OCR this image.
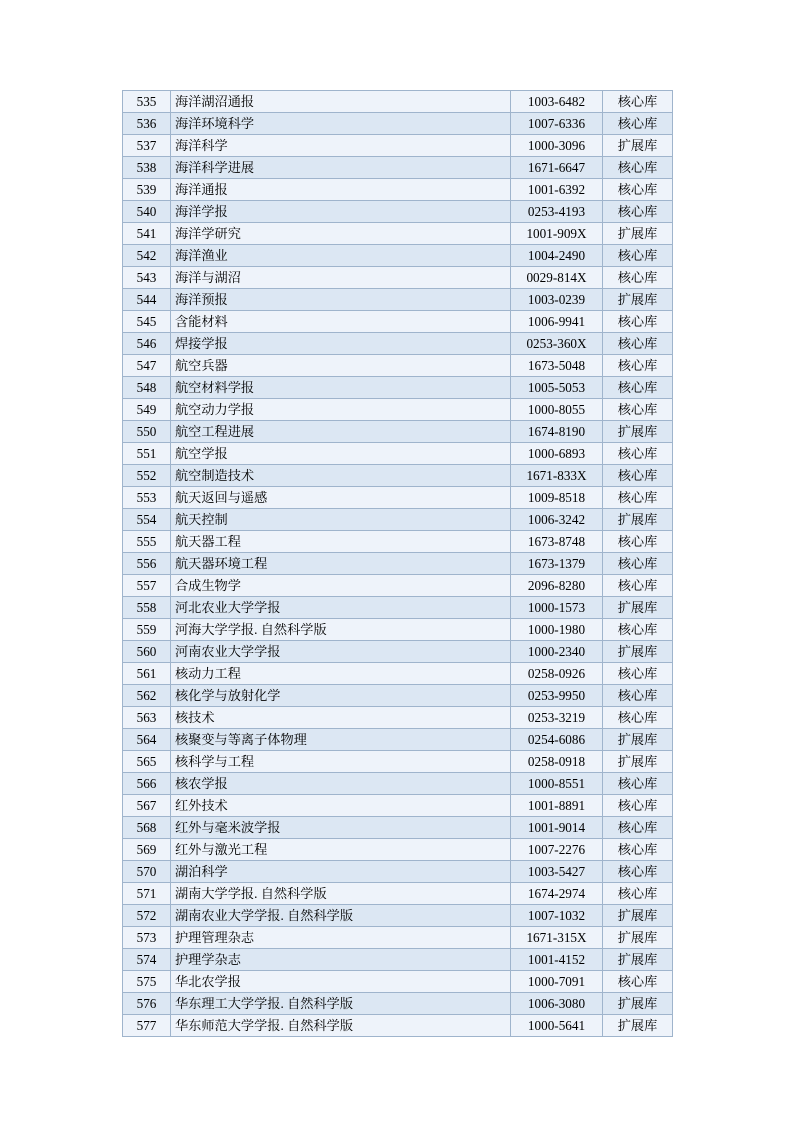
535	海洋湖沼通报	1003-6482	核心库
536	海洋环境科学	1007-6336	核心库
537	海洋科学	1000-3096	扩展库
538	海洋科学进展	1671-6647	核心库
539	海洋通报	1001-6392	核心库
540	海洋学报	0253-4193	核心库
541	海洋学研究	1001-909X	扩展库
542	海洋渔业	1004-2490	核心库
543	海洋与湖沼	0029-814X	核心库
544	海洋预报	1003-0239	扩展库
545	含能材料	1006-9941	核心库
546	焊接学报	0253-360X	核心库
547	航空兵器	1673-5048	核心库
548	航空材料学报	1005-5053	核心库
549	航空动力学报	1000-8055	核心库
550	航空工程进展	1674-8190	扩展库
551	航空学报	1000-6893	核心库
552	航空制造技术	1671-833X	核心库
553	航天返回与遥感	1009-8518	核心库
554	航天控制	1006-3242	扩展库
555	航天器工程	1673-8748	核心库
556	航天器环境工程	1673-1379	核心库
557	合成生物学	2096-8280	核心库
558	河北农业大学学报	1000-1573	扩展库
559	河海大学学报. 自然科学版	1000-1980	核心库
560	河南农业大学学报	1000-2340	扩展库
561	核动力工程	0258-0926	核心库
562	核化学与放射化学	0253-9950	核心库
563	核技术	0253-3219	核心库
564	核聚变与等离子体物理	0254-6086	扩展库
565	核科学与工程	0258-0918	扩展库
566	核农学报	1000-8551	核心库
567	红外技术	1001-8891	核心库
568	红外与毫米波学报	1001-9014	核心库
569	红外与激光工程	1007-2276	核心库
570	湖泊科学	1003-5427	核心库
571	湖南大学学报. 自然科学版	1674-2974	核心库
572	湖南农业大学学报. 自然科学版	1007-1032	扩展库
573	护理管理杂志	1671-315X	扩展库
574	护理学杂志	1001-4152	扩展库
575	华北农学报	1000-7091	核心库
576	华东理工大学学报. 自然科学版	1006-3080	扩展库
577	华东师范大学学报. 自然科学版	1000-5641	扩展库
